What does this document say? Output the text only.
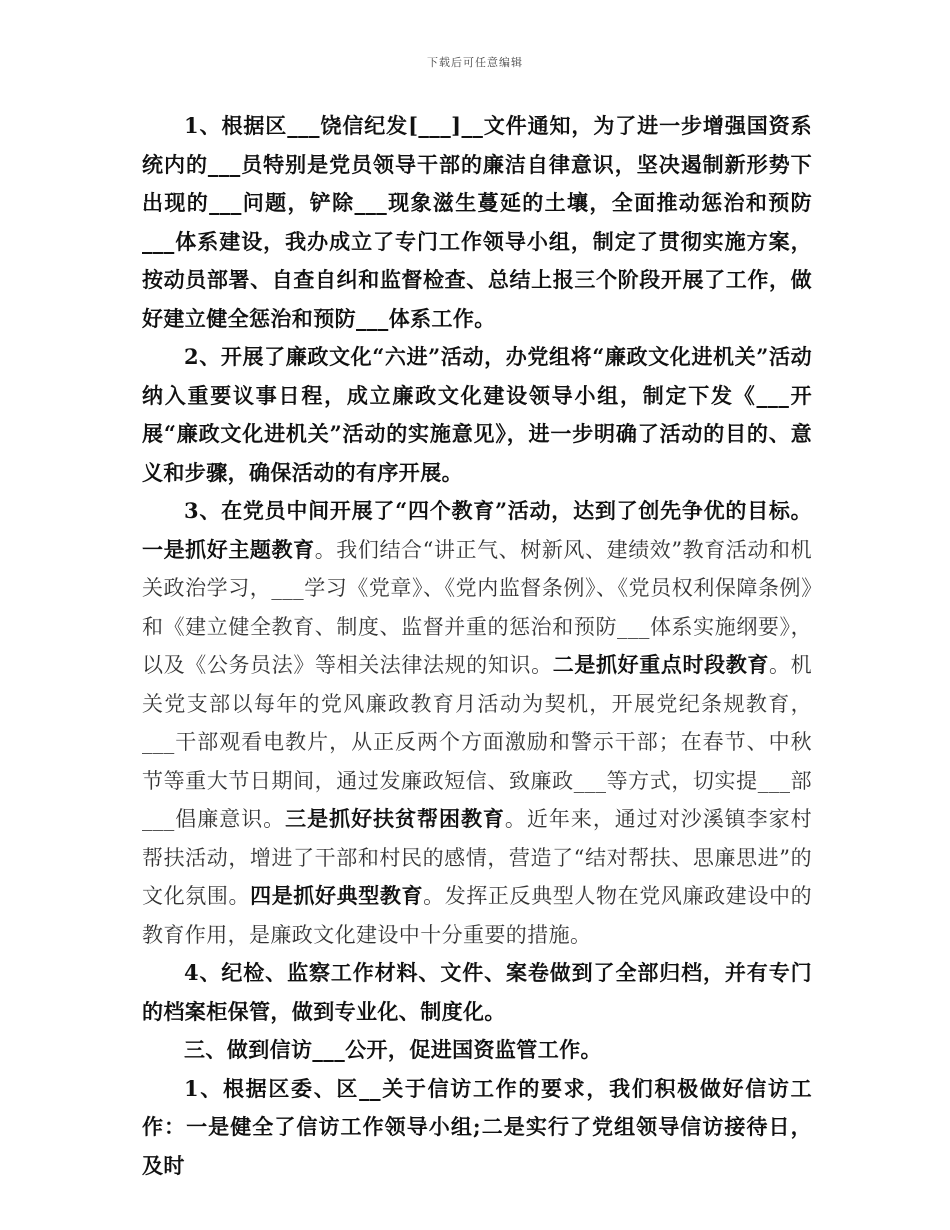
下载后可任意编辑

1、根据区___饶信纪发[___]__文件通知，为了进一步增强国资系统内的___员特别是党员领导干部的廉洁自律意识，坚决遏制新形势下出现的___问题，铲除___现象滋生蔓延的土壤，全面推动惩治和预防___体系建设，我办成立了专门工作领导小组，制定了贯彻实施方案，按动员部署、自查自纠和监督检查、总结上报三个阶段开展了工作，做好建立健全惩治和预防___体系工作。

2、开展了廉政文化“六进”活动，办党组将“廉政文化进机关”活动纳入重要议事日程，成立廉政文化建设领导小组，制定下发《___开展“廉政文化进机关”活动的实施意见》，进一步明确了活动的目的、意义和步骤，确保活动的有序开展。

3、在党员中间开展了“四个教育”活动，达到了创先争优的目标。一是抓好主题教育。我们结合“讲正气、树新风、建绩效”教育活动和机关政治学习，___学习《党章》、《党内监督条例》、《党员权利保障条例》和《建立健全教育、制度、监督并重的惩治和预防___体系实施纲要》，以及《公务员法》等相关法律法规的知识。二是抓好重点时段教育。机关党支部以每年的党风廉政教育月活动为契机，开展党纪条规教育，___干部观看电教片，从正反两个方面激励和警示干部；在春节、中秋节等重大节日期间，通过发廉政短信、致廉政___等方式，切实提___部___倡廉意识。三是抓好扶贫帮困教育。近年来，通过对沙溪镇李家村帮扶活动，增进了干部和村民的感情，营造了“结对帮扶、思廉思进”的文化氛围。四是抓好典型教育。发挥正反典型人物在党风廉政建设中的教育作用，是廉政文化建设中十分重要的措施。

4、纪检、监察工作材料、文件、案卷做到了全部归档，并有专门的档案柜保管，做到专业化、制度化。

三、做到信访___公开，促进国资监管工作。

1、根据区委、区__关于信访工作的要求，我们积极做好信访工作：一是健全了信访工作领导小组;二是实行了党组领导信访接待日，及时
